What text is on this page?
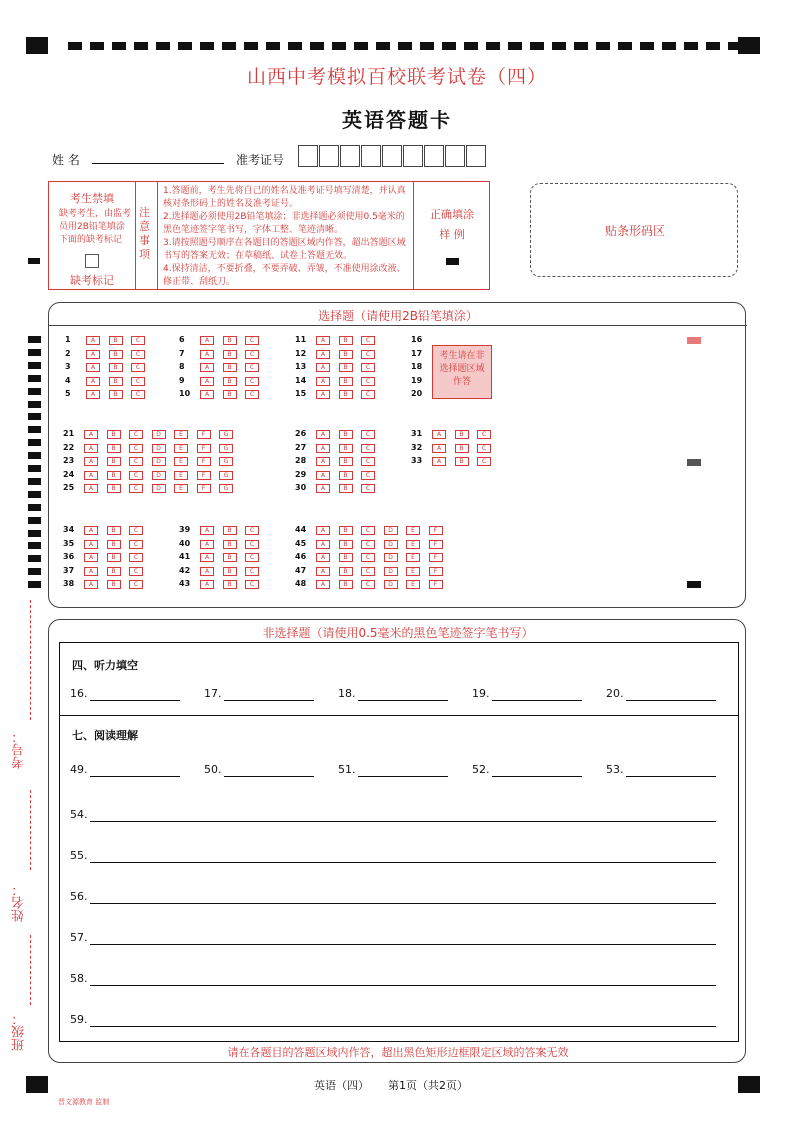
山西中考模拟百校联考试卷（四）
英语答题卡
姓 名	准考证号
考生禁填
缺考考生，由监考员用2B铅笔填涂下面的缺考标记
缺考标记
注意事项
1.答题前，考生先将自己的姓名及准考证号填写清楚，并认真核对条形码上的姓名及准考证号。
2.选择题必须使用2B铅笔填涂；非选择题必须使用0.5毫米的黑色笔迹签字笔书写，字体工整、笔迹清晰。
3.请按照题号顺序在各题目的答题区域内作答，超出答题区域书写的答案无效；在草稿纸、试卷上答题无效。
4.保持清洁，不要折叠，不要弄破、弄皱，不准使用涂改液、修正带、刮纸刀。
正确填涂
样 例	贴条形码区
考号：
姓名：
班级：
选择题（请使用2B铅笔填涂）
考生请在非选择题区域作答
1	A	B	C
2	A	B	C
3	A	B	C
4	A	B	C
5	A	B	C
6	A	B	C
7	A	B	C
8	A	B	C
9	A	B	C
10	A	B	C
11	A	B	C
12	A	B	C
13	A	B	C
14	A	B	C
15	A	B	C
16
17
18
19
20
21	A	B	C	D	E	F	G
22	A	B	C	D	E	F	G
23	A	B	C	D	E	F	G
24	A	B	C	D	E	F	G
25	A	B	C	D	E	F	G
26	A	B	C
27	A	B	C
28	A	B	C
29	A	B	C
30	A	B	C
31	A	B	C
32	A	B	C
33	A	B	C
34	A	B	C
35	A	B	C
36	A	B	C
37	A	B	C
38	A	B	C
39	A	B	C
40	A	B	C
41	A	B	C
42	A	B	C
43	A	B	C
44	A	B	C	D	E	F
45	A	B	C	D	E	F
46	A	B	C	D	E	F
47	A	B	C	D	E	F
48	A	B	C	D	E	F
非选择题（请使用0.5毫米的黑色笔迹签字笔书写）
四、听力填空
16.	17.	18.	19.	20.
七、阅读理解
49.	50.	51.	52.	53.
54.
55.
56.
57.
58.
59.
请在各题目的答题区域内作答，超出黑色矩形边框限定区域的答案无效
英语（四） 第1页（共2页）
晋文源教育 监制
